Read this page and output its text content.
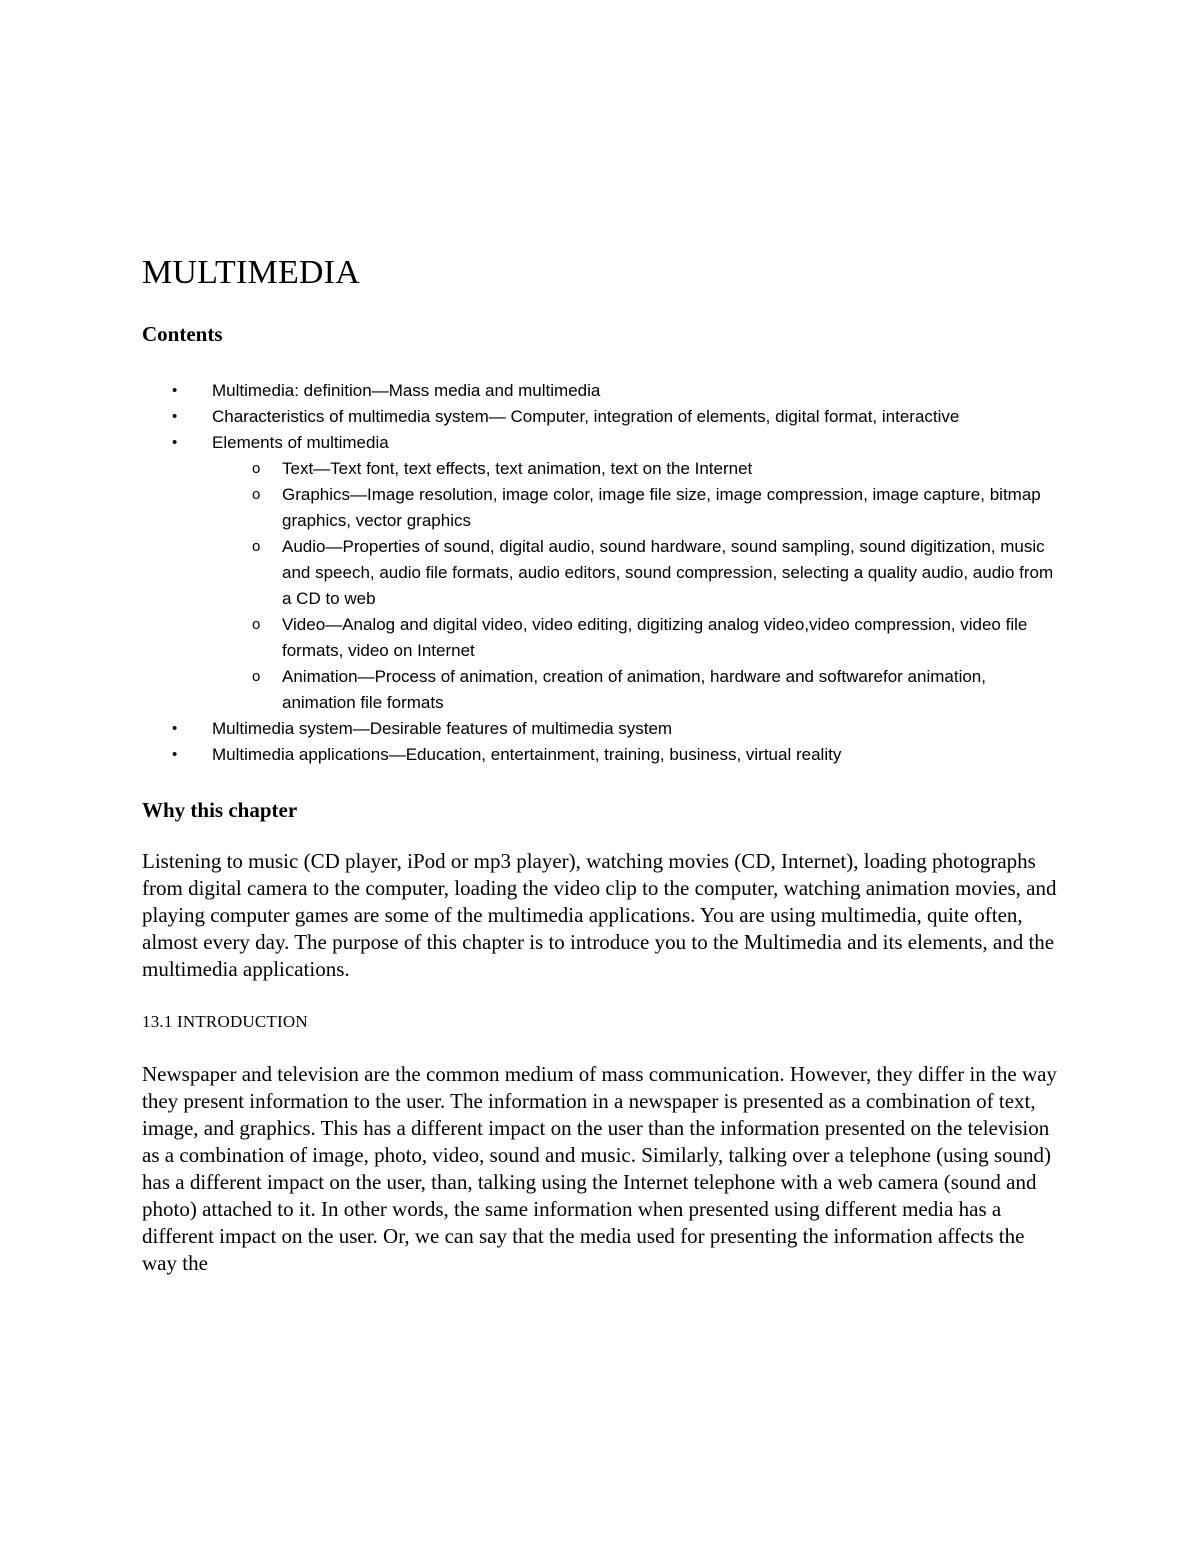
MULTIMEDIA
Contents
• Multimedia: definition—Mass media and multimedia
• Characteristics of multimedia system— Computer, integration of elements, digital format, interactive
• Elements of multimedia
o Text—Text font, text effects, text animation, text on the Internet
o Graphics—Image resolution, image color, image file size, image compression, image capture, bitmap graphics, vector graphics
o Audio—Properties of sound, digital audio, sound hardware, sound sampling, sound digitization, music and speech, audio file formats, audio editors, sound compression, selecting a quality audio, audio from a CD to web
o Video—Analog and digital video, video editing, digitizing analog video,video compression, video file formats, video on Internet
o Animation—Process of animation, creation of animation, hardware and softwarefor animation, animation file formats
• Multimedia system—Desirable features of multimedia system
• Multimedia applications—Education, entertainment, training, business, virtual reality
Why this chapter

Listening to music (CD player, iPod or mp3 player), watching movies (CD, Internet), loading photographs from digital camera to the computer, loading the video clip to the computer, watching animation movies, and playing computer games are some of the multimedia applications. You are using multimedia, quite often, almost every day. The purpose of this chapter is to introduce you to the Multimedia and its elements, and the multimedia applications.

13.1 INTRODUCTION

Newspaper and television are the common medium of mass communication. However, they differ in the way they present information to the user. The information in a newspaper is presented as a combination of text, image, and graphics. This has a different impact on the user than the information presented on the television as a combination of image, photo, video, sound and music. Similarly, talking over a telephone (using sound) has a different impact on the user, than, talking using the Internet telephone with a web camera (sound and photo) attached to it. In other words, the same information when presented using different media has a different impact on the user. Or, we can say that the media used for presenting the information affects the way the
